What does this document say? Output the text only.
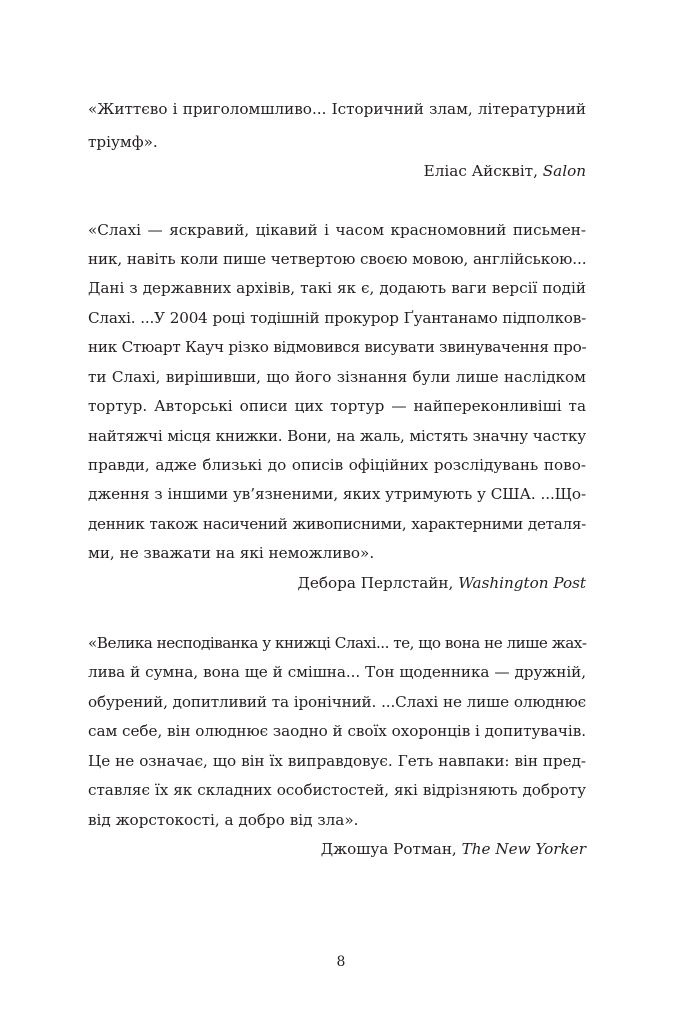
«Життєво і приголомшливо... Історичний злам, літературний
тріумф».
Еліас Айсквіт, Salon
«Слахі — яскравий, цікавий і часом красномовний письмен-
ник, навіть коли пише четвертою своєю мовою, англійською...
Дані з державних архівів, такі як є, додають ваги версії подій
Слахі. ...У 2004 році тодішній прокурор Ґуантанамо підполков-
ник Стюарт Кауч різко відмовився висувати звинувачення про-
ти Слахі, вирішивши, що його зізнання були лише наслідком
тортур. Авторські описи цих тортур — найпереконливіші та
найтяжчі місця книжки. Вони, на жаль, містять значну частку
правди, адже близькі до описів офіційних розслідувань пово-
дження з іншими ув’язненими, яких утримують у США. ...Що-
денник також насичений живописними, характерними деталя-
ми, не зважати на які неможливо».
Дебора Перлстайн, Washington Post
«Велика несподіванка у книжці Слахі... те, що вона не лише жах-
лива й сумна, вона ще й смішна... Тон щоденника — дружній,
обурений, допитливий та іронічний. ...Слахі не лише олюднює
сам себе, він олюднює заодно й своїх охоронців і допитувачів.
Це не означає, що він їх виправдовує. Геть навпаки: він пред-
ставляє їх як складних особистостей, які відрізняють доброту
від жорстокості, а добро від зла».
Джошуа Ротман, The New Yorker
8
